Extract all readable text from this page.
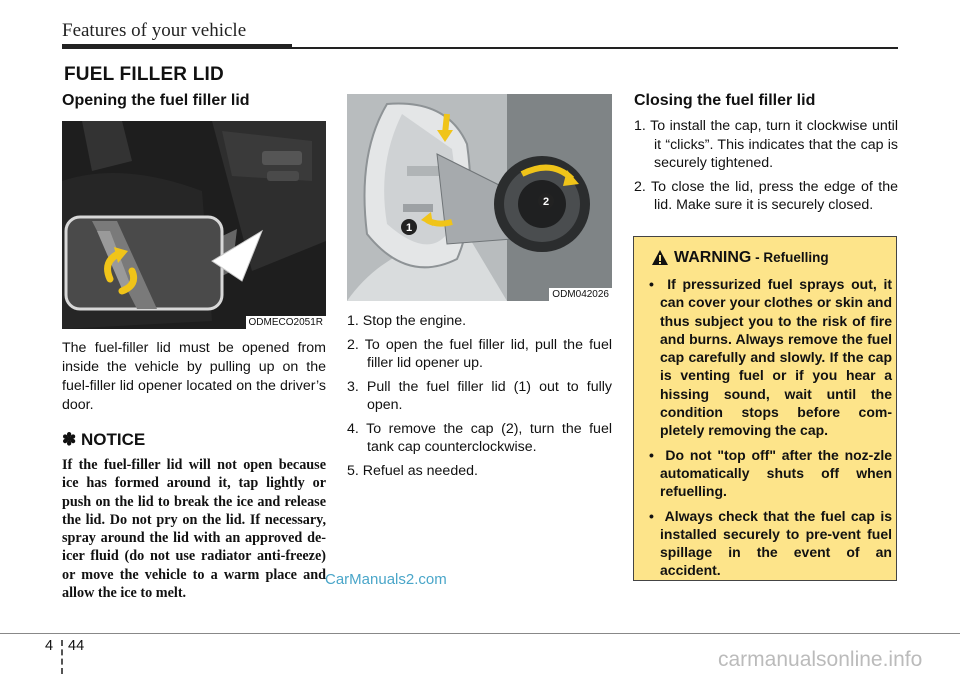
Features of your vehicle
FUEL FILLER LID
Opening the fuel filler lid
ODMECO2051R
The fuel-filler lid must be opened from inside the vehicle by pulling up on the fuel-filler lid opener located on the driver’s door.
✽ NOTICE
If the fuel-filler lid will not open because ice has formed around it, tap lightly or push on the lid to break the ice and release the lid. Do not pry on the lid. If necessary, spray around the lid with an approved de-icer fluid (do not use radiator anti-freeze) or move the vehicle to a warm place and allow the ice to melt.
1
2
ODM042026
1. Stop the engine.
2. To open the fuel filler lid, pull the fuel filler lid opener up.
3. Pull the fuel filler lid (1) out to fully open.
4. To remove the cap (2), turn the fuel tank cap counterclockwise.
5. Refuel as needed.
Closing the fuel filler lid
1. To install the cap, turn it clockwise until it “clicks”. This indicates that the cap is securely tightened.
2. To close the lid, press the edge of the lid. Make sure it is securely closed.
WARNING - Refuelling
• If pressurized fuel sprays out, it can cover your clothes or skin and thus subject you to the risk of fire and burns. Always remove the fuel cap carefully and slowly. If the cap is venting fuel or if you hear a hissing sound, wait until the condition stops before com-pletely removing the cap.
• Do not "top off" after the noz-zle automatically shuts off when refuelling.
• Always check that the fuel cap is installed securely to pre-vent fuel spillage in the event of an accident.
CarManuals2.com
4 44
carmanualsonline.info
